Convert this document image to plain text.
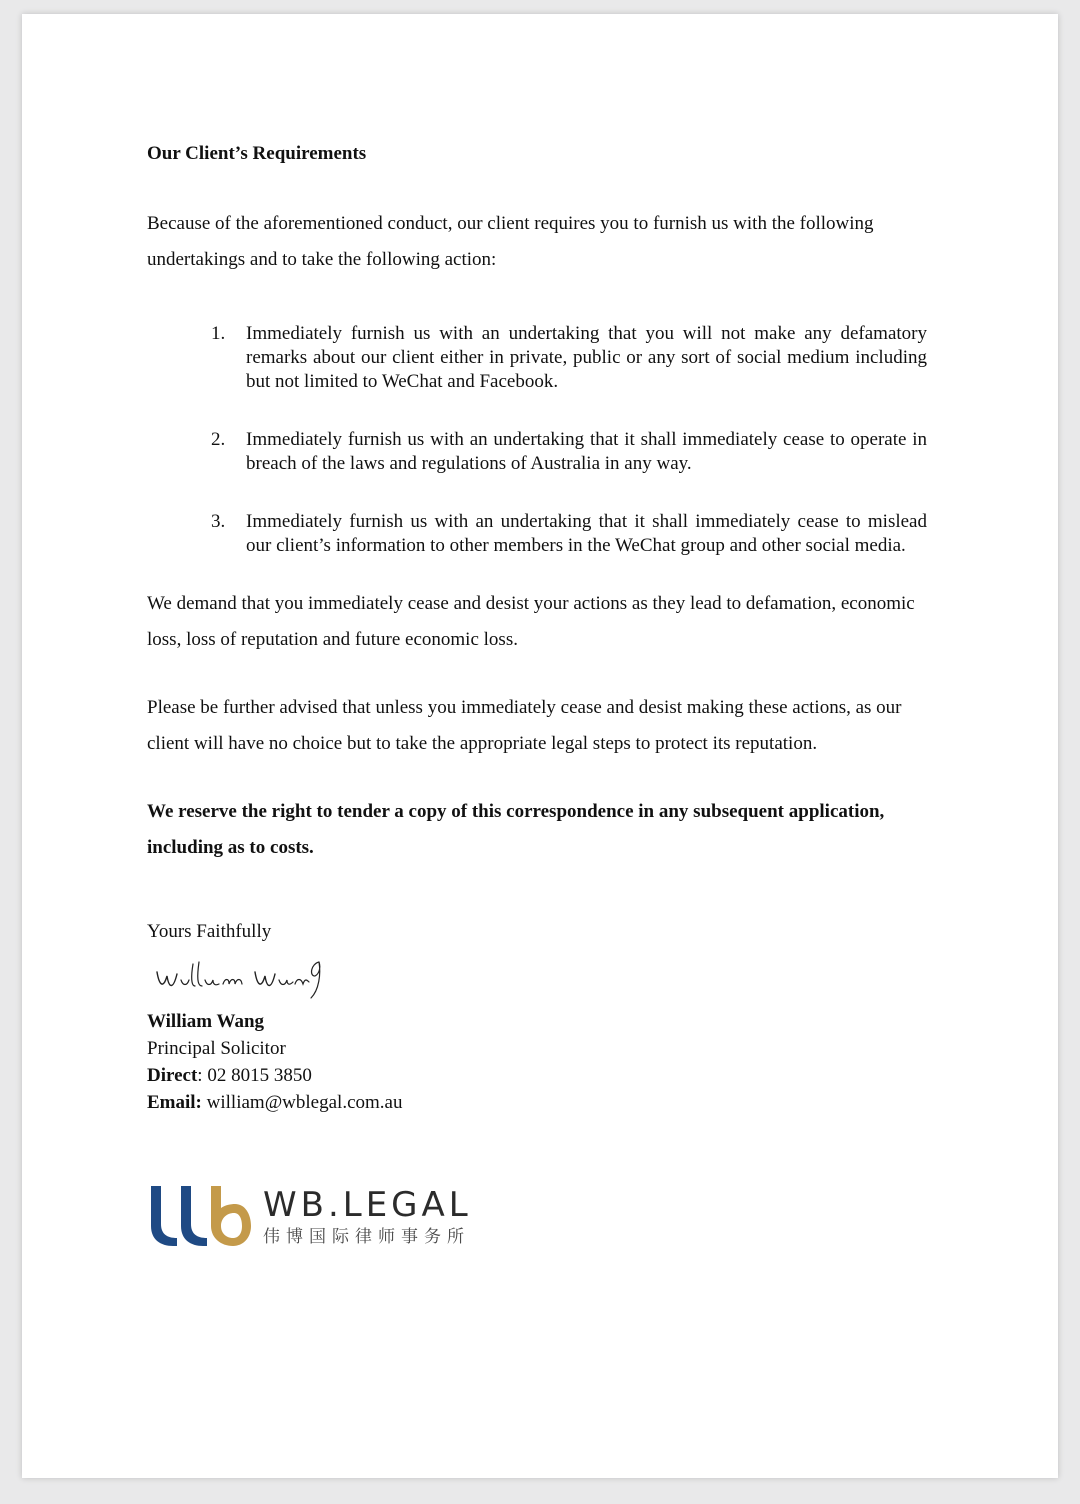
Our Client’s Requirements

Because of the aforementioned conduct, our client requires you to furnish us with the following undertakings and to take the following action:

1. Immediately furnish us with an undertaking that you will not make any defamatory remarks about our client either in private, public or any sort of social medium including but not limited to WeChat and Facebook.
2. Immediately furnish us with an undertaking that it shall immediately cease to operate in breach of the laws and regulations of Australia in any way.
3. Immediately furnish us with an undertaking that it shall immediately cease to mislead our client’s information to other members in the WeChat group and other social media.

We demand that you immediately cease and desist your actions as they lead to defamation, economic loss, loss of reputation and future economic loss.

Please be further advised that unless you immediately cease and desist making these actions, as our client will have no choice but to take the appropriate legal steps to protect its reputation.

We reserve the right to tender a copy of this correspondence in any subsequent application, including as to costs.

Yours Faithfully

William Wang
Principal Solicitor
Direct: 02 8015 3850
Email: william@wblegal.com.au
WB.LEGAL
伟博国际律师事务所
